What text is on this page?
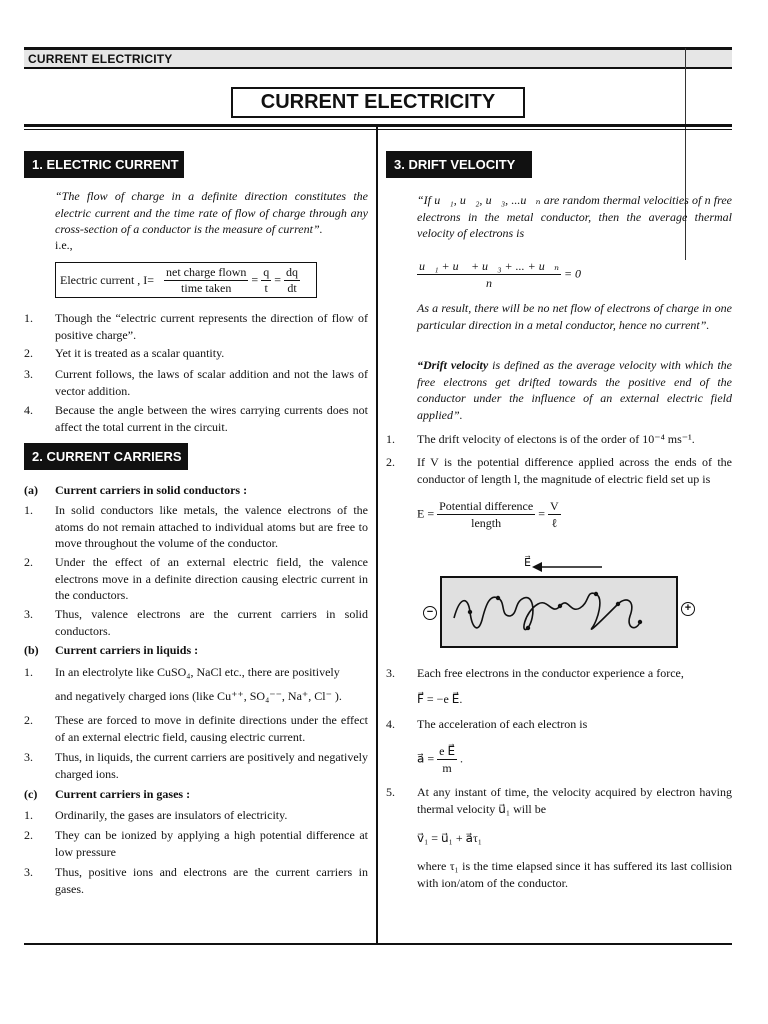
CURRENT ELECTRICITY
CURRENT ELECTRICITY
1. ELECTRIC CURRENT
“The flow of charge in a definite direction constitutes the electric current and the time rate of flow of charge through any cross-section of a conductor is the measure of current”.
i.e.,
Electric current , $I= \frac{\text{net charge flown}}{\text{time taken}} = \frac{q}{t} = \frac{dq}{dt}$
1. Though the “electric current represents the direction of flow of positive charge”.
2. Yet it is treated as a scalar quantity.
3. Current follows, the laws of scalar addition and not the laws of vector addition.
4. Because the angle between the wires carrying currents does not affect the total current in the circuit.
2. CURRENT CARRIERS
(a) Current carriers in solid conductors :
1. In solid conductors like metals, the valence electrons of the atoms do not remain attached to individual atoms but are free to move throughout the volume of the conductor.
2. Under the effect of an external electric field, the valence electrons move in a definite direction causing electric current in the conductors.
3. Thus, valence electrons are the current carriers in solid conductors.
(b) Current carriers in liquids :
1. In an electrolyte like CuSO₄, NaCl etc., there are positively
and negatively charged ions (like Cu⁺⁺, SO₄⁻⁻, Na⁺, Cl⁻ ).
2. These are forced to move in definite directions under the effect of an external electric field, causing electric current.
3. Thus, in liquids, the current carriers are positively and negatively charged ions.
(c) Current carriers in gases :
1. Ordinarily, the gases are insulators of electricity.
2. They can be ionized by applying a high potential difference at low pressure
3. Thus, positive ions and electrons are the current carriers in gases.
3. DRIFT VELOCITY
“If u⃗₁, u⃗₂, u⃗₃, ...u⃗ₙ are random thermal velocities of n free electrons in the metal conductor, then the average thermal velocity of electrons is
$\frac{\text{u⃗₁ + u⃗ + u⃗₃ + ... + u⃗ₙ}}{n}$ = 0⃗
As a result, there will be no net flow of electrons of charge in one particular direction in a metal conductor, hence no current”.
“Drift velocity is defined as the average velocity with which the free electrons get drifted towards the positive end of the conductor under the influence of an external electric field applied”.
1. The drift velocity of electons is of the order of 10⁻⁴ ms⁻¹.
2. If V is the potential difference applied across the ends of the conductor of length l, the magnitude of electric field set up is
$E = \frac{\text{Potential difference}}{\text{length}} = \frac{V}{\text{ℓ}}$
E⃗
−	+
3. Each free electrons in the conductor experience a force,
F⃗ = −e E⃗.
4. The acceleration of each electron is
a⃗ = $\frac{\text{e E⃗}}{m}$ .
5. At any instant of time, the velocity acquired by electron having thermal velocity u⃗₁ will be
v⃗₁ = u⃗₁ + a⃗τ₁
where τ₁ is the time elapsed since it has suffered its last collision with ion/atom of the conductor.
